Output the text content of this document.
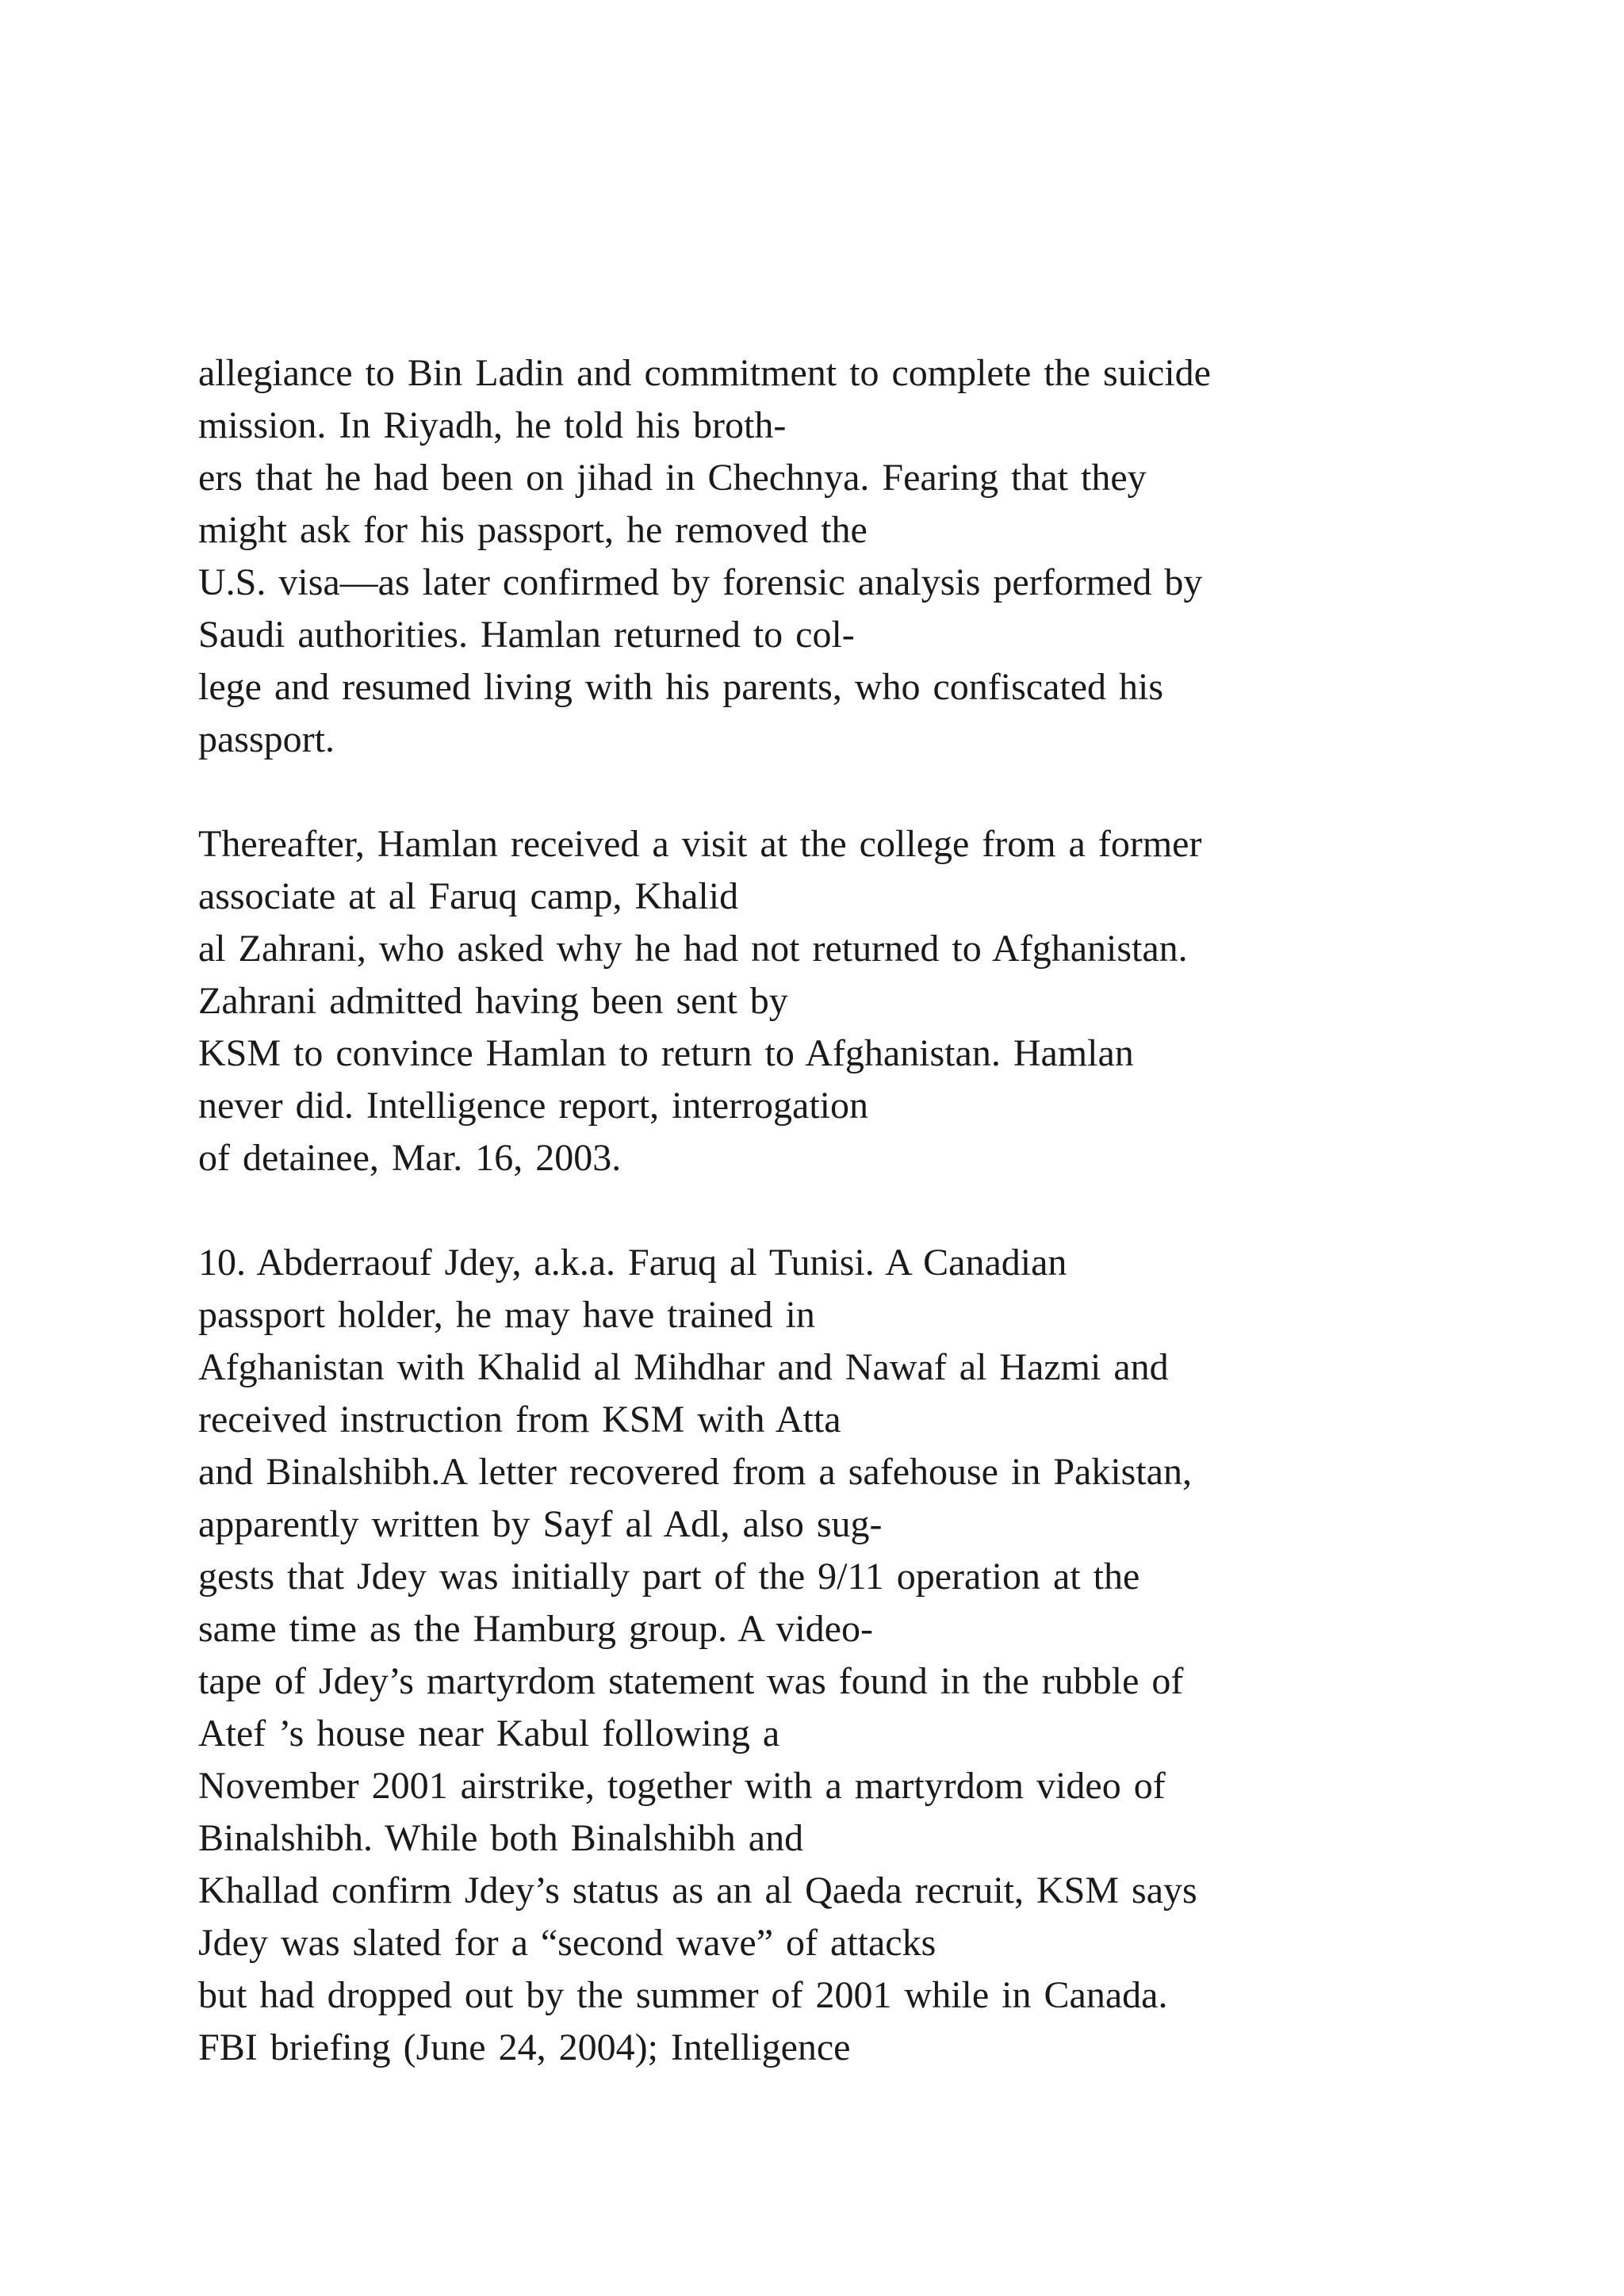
allegiance to Bin Ladin and commitment to complete the suicide
mission. In Riyadh, he told his broth-
ers that he had been on jihad in Chechnya. Fearing that they
might ask for his passport, he removed the
U.S. visa—as later confirmed by forensic analysis performed by
Saudi authorities. Hamlan returned to col-
lege and resumed living with his parents, who confiscated his
passport.

Thereafter, Hamlan received a visit at the college from a former
associate at al Faruq camp, Khalid
al Zahrani, who asked why he had not returned to Afghanistan.
Zahrani admitted having been sent by
KSM to convince Hamlan to return to Afghanistan. Hamlan
never did. Intelligence report, interrogation
of detainee, Mar. 16, 2003.

10. Abderraouf Jdey, a.k.a. Faruq al Tunisi. A Canadian
passport holder, he may have trained in
Afghanistan with Khalid al Mihdhar and Nawaf al Hazmi and
received instruction from KSM with Atta
and Binalshibh.A letter recovered from a safehouse in Pakistan,
apparently written by Sayf al Adl, also sug-
gests that Jdey was initially part of the 9/11 operation at the
same time as the Hamburg group. A video-
tape of Jdey’s martyrdom statement was found in the rubble of
Atef ’s house near Kabul following a
November 2001 airstrike, together with a martyrdom video of
Binalshibh. While both Binalshibh and
Khallad confirm Jdey’s status as an al Qaeda recruit, KSM says
Jdey was slated for a “second wave” of attacks
but had dropped out by the summer of 2001 while in Canada.
FBI briefing (June 24, 2004); Intelligence
